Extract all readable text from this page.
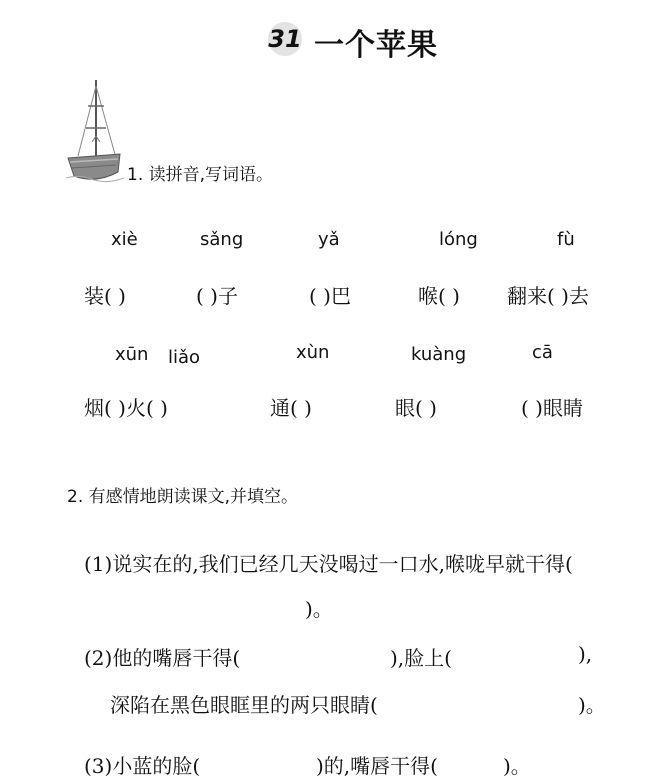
31 一个苹果
1. 读拼音,写词语。
xiè	sǎng	yǎ	lóng	fù
装( )	( )子	( )巴	喉( ) 翻来( )去
xūn liǎo	xùn	kuàng	cā
烟( )火( )	通( )	眼( )	( )眼睛
2. 有感情地朗读课文,并填空。
(1)说实在的,我们已经几天没喝过一口水,喉咙早就干得(
)。
(2)他的嘴唇干得(	),脸上(	),
深陷在黑色眼眶里的两只眼睛(	)。
(3)小蓝的脸(	)的,嘴唇干得(	)。
